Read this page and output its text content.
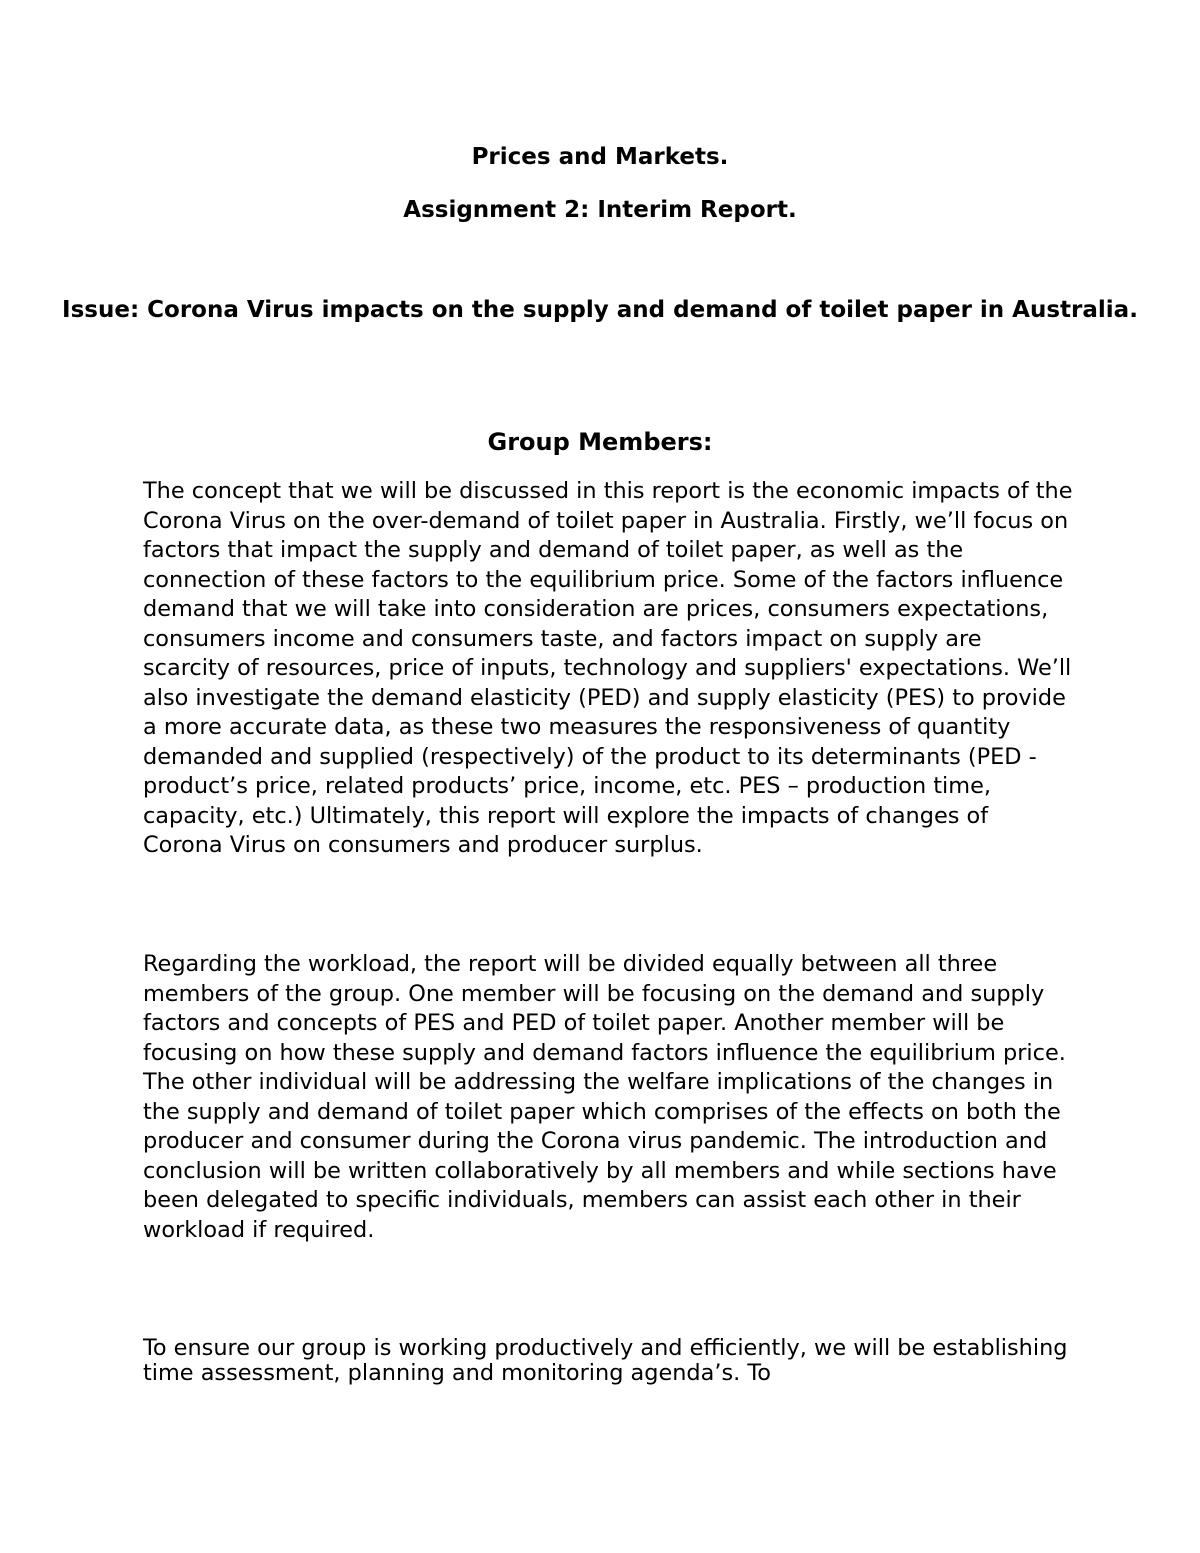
Prices and Markets.
Assignment 2: Interim Report.
Issue: Corona Virus impacts on the supply and demand of toilet paper in Australia.
Group Members:

The concept that we will be discussed in this report is the economic impacts of the Corona Virus on the over-demand of toilet paper in Australia. Firstly, we’ll focus on factors that impact the supply and demand of toilet paper, as well as the connection of these factors to the equilibrium price. Some of the factors influence demand that we will take into consideration are prices, consumers expectations, consumers income and consumers taste, and factors impact on supply are scarcity of resources, price of inputs, technology and suppliers' expectations. We’ll also investigate the demand elasticity (PED) and supply elasticity (PES) to provide a more accurate data, as these two measures the responsiveness of quantity demanded and supplied (respectively) of the product to its determinants (PED - product’s price, related products’ price, income, etc. PES – production time, capacity, etc.) Ultimately, this report will explore the impacts of changes of Corona Virus on consumers and producer surplus.

Regarding the workload, the report will be divided equally between all three members of the group. One member will be focusing on the demand and supply factors and concepts of PES and PED of toilet paper. Another member will be focusing on how these supply and demand factors influence the equilibrium price. The other individual will be addressing the welfare implications of the changes in the supply and demand of toilet paper which comprises of the effects on both the producer and consumer during the Corona virus pandemic. The introduction and conclusion will be written collaboratively by all members and while sections have been delegated to specific individuals, members can assist each other in their workload if required.

To ensure our group is working productively and efficiently, we will be establishing time assessment, planning and monitoring agenda’s. To
